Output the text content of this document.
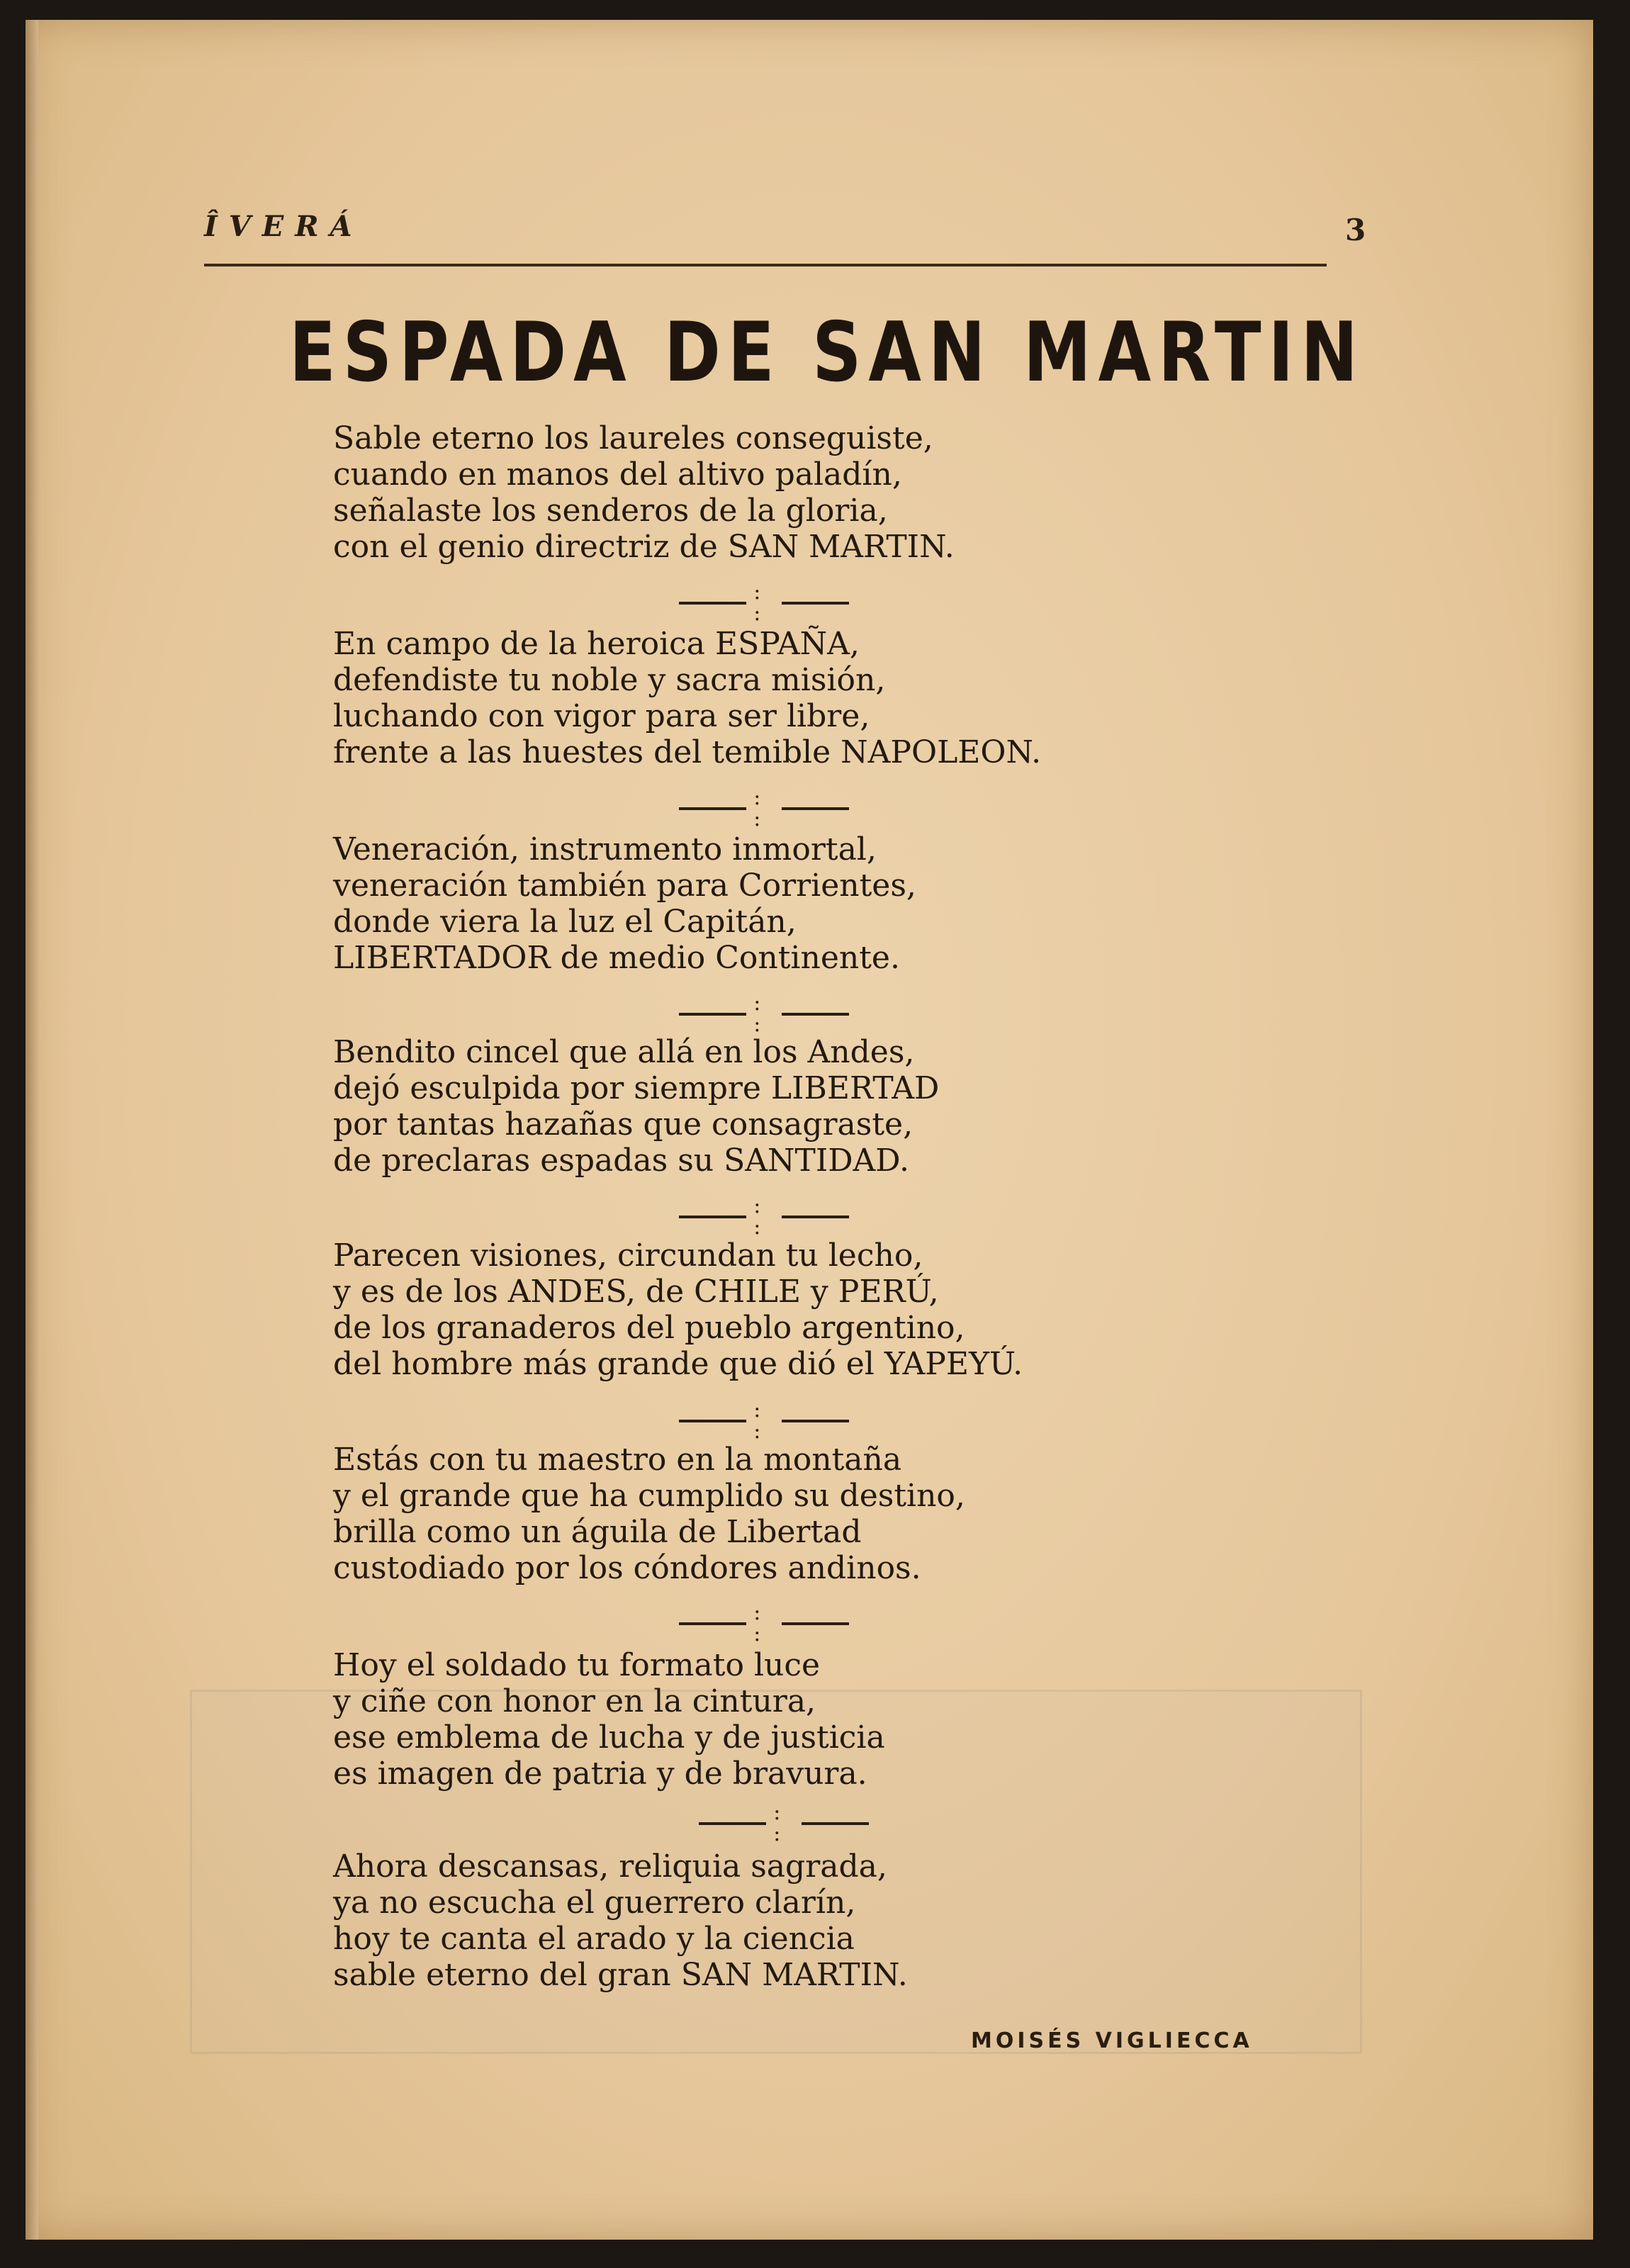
ÎVERÁ	3
ESPADA DE SAN MARTIN
Sable eterno los laureles conseguiste,
cuando en manos del altivo paladín,
señalaste los senderos de la gloria,
con el genio directriz de SAN MARTIN.
: :
En campo de la heroica ESPAÑA,
defendiste tu noble y sacra misión,
luchando con vigor para ser libre,
frente a las huestes del temible NAPOLEON.
: :
Veneración, instrumento inmortal,
veneración también para Corrientes,
donde viera la luz el Capitán,
LIBERTADOR de medio Continente.
: :
Bendito cincel que allá en los Andes,
dejó esculpida por siempre LIBERTAD
por tantas hazañas que consagraste,
de preclaras espadas su SANTIDAD.
: :
Parecen visiones, circundan tu lecho,
y es de los ANDES, de CHILE y PERÚ,
de los granaderos del pueblo argentino,
del hombre más grande que dió el YAPEYÚ.
: :
Estás con tu maestro en la montaña
y el grande que ha cumplido su destino,
brilla como un águila de Libertad
custodiado por los cóndores andinos.
: :
Hoy el soldado tu formato luce
y ciñe con honor en la cintura,
ese emblema de lucha y de justicia
es imagen de patria y de bravura.
: :
Ahora descansas, reliquia sagrada,
ya no escucha el guerrero clarín,
hoy te canta el arado y la ciencia
sable eterno del gran SAN MARTIN.
MOISÉS VIGLIECCA
